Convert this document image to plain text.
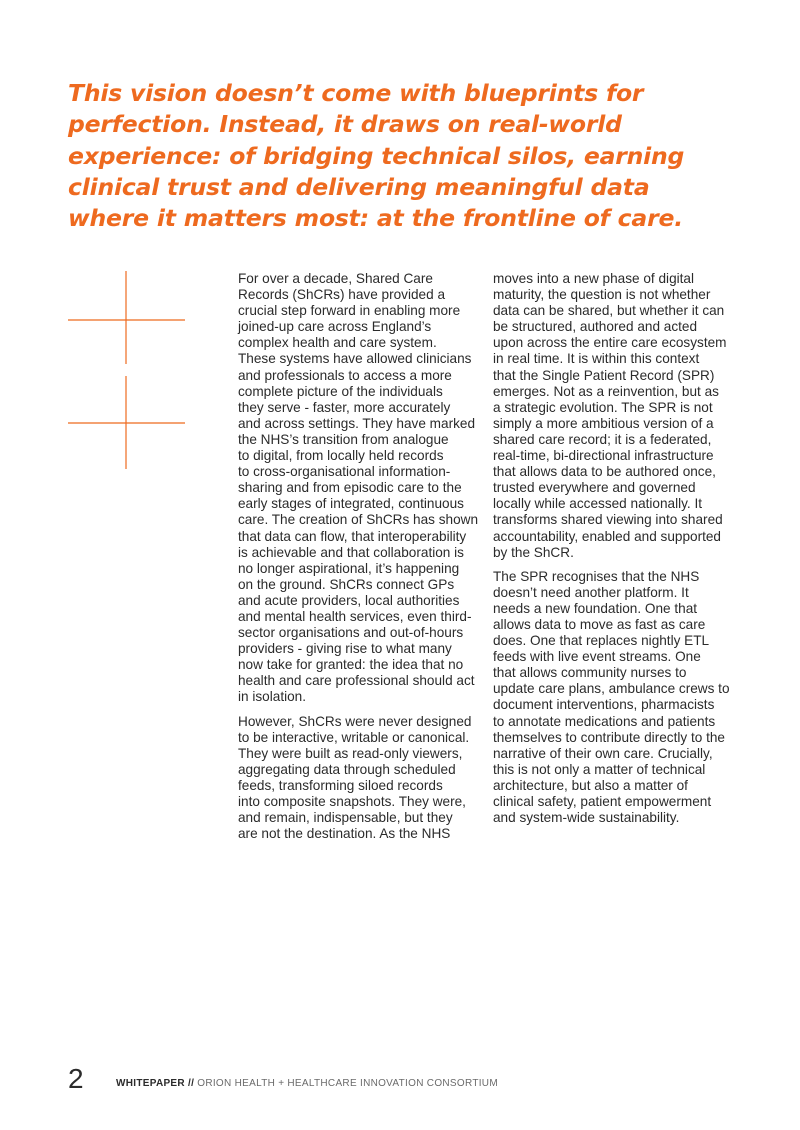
This vision doesn’t come with blueprints for
perfection. Instead, it draws on real-world
experience: of bridging technical silos, earning
clinical trust and delivering meaningful data
where it matters most: at the frontline of care.

For over a decade, Shared Care
Records (ShCRs) have provided a
crucial step forward in enabling more
joined-up care across England’s
complex health and care system.
These systems have allowed clinicians
and professionals to access a more
complete picture of the individuals
they serve - faster, more accurately
and across settings. They have marked
the NHS’s transition from analogue
to digital, from locally held records
to cross-organisational information-
sharing and from episodic care to the
early stages of integrated, continuous
care. The creation of ShCRs has shown
that data can flow, that interoperability
is achievable and that collaboration is
no longer aspirational, it’s happening
on the ground. ShCRs connect GPs
and acute providers, local authorities
and mental health services, even third-
sector organisations and out-of-hours
providers - giving rise to what many
now take for granted: the idea that no
health and care professional should act
in isolation.

However, ShCRs were never designed
to be interactive, writable or canonical.
They were built as read-only viewers,
aggregating data through scheduled
feeds, transforming siloed records
into composite snapshots. They were,
and remain, indispensable, but they
are not the destination. As the NHS

moves into a new phase of digital
maturity, the question is not whether
data can be shared, but whether it can
be structured, authored and acted
upon across the entire care ecosystem
in real time. It is within this context
that the Single Patient Record (SPR)
emerges. Not as a reinvention, but as
a strategic evolution. The SPR is not
simply a more ambitious version of a
shared care record; it is a federated,
real-time, bi-directional infrastructure
that allows data to be authored once,
trusted everywhere and governed
locally while accessed nationally. It
transforms shared viewing into shared
accountability, enabled and supported
by the ShCR.

The SPR recognises that the NHS
doesn’t need another platform. It
needs a new foundation. One that
allows data to move as fast as care
does. One that replaces nightly ETL
feeds with live event streams. One
that allows community nurses to
update care plans, ambulance crews to
document interventions, pharmacists
to annotate medications and patients
themselves to contribute directly to the
narrative of their own care. Crucially,
this is not only a matter of technical
architecture, but also a matter of
clinical safety, patient empowerment
and system-wide sustainability.

2	WHITEPAPER // ORION HEALTH + HEALTHCARE INNOVATION CONSORTIUM
